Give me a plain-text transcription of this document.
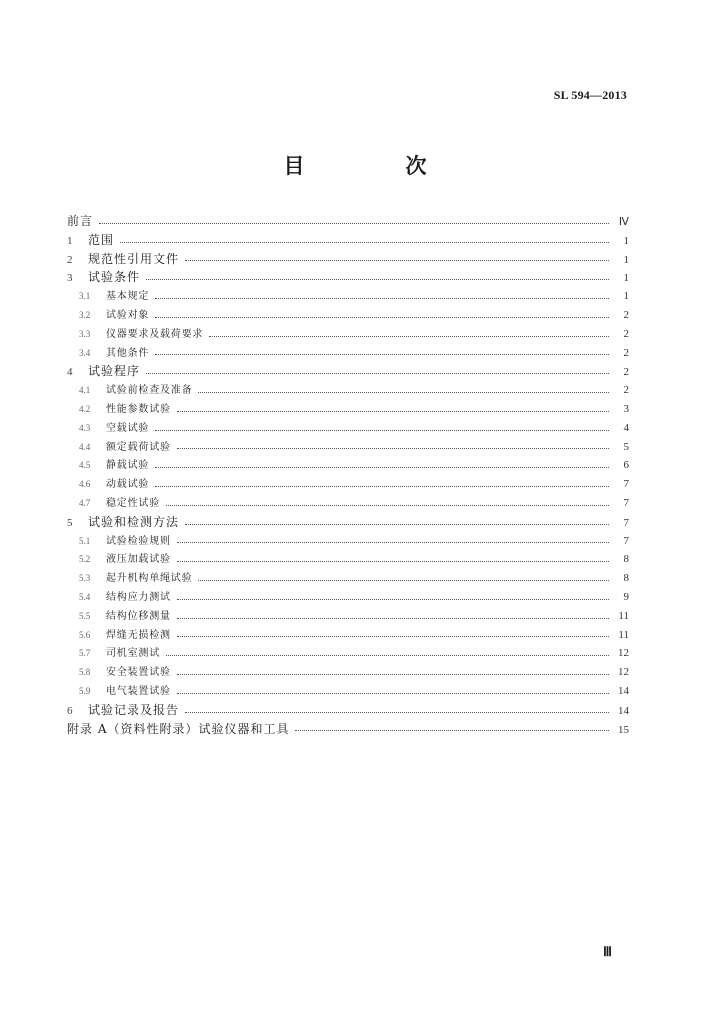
SL 594—2013
目　次
前言	Ⅳ
1	范围	1
2	规范性引用文件	1
3	试验条件	1
3.1	基本规定	1
3.2	试验对象	2
3.3	仪器要求及载荷要求	2
3.4	其他条件	2
4	试验程序	2
4.1	试验前检查及准备	2
4.2	性能参数试验	3
4.3	空载试验	4
4.4	额定载荷试验	5
4.5	静载试验	6
4.6	动载试验	7
4.7	稳定性试验	7
5	试验和检测方法	7
5.1	试验检验规则	7
5.2	液压加载试验	8
5.3	起升机构单绳试验	8
5.4	结构应力测试	9
5.5	结构位移测量	11
5.6	焊缝无损检测	11
5.7	司机室测试	12
5.8	安全装置试验	12
5.9	电气装置试验	14
6	试验记录及报告	14
附录 A（资料性附录）试验仪器和工具	15
Ⅲ
